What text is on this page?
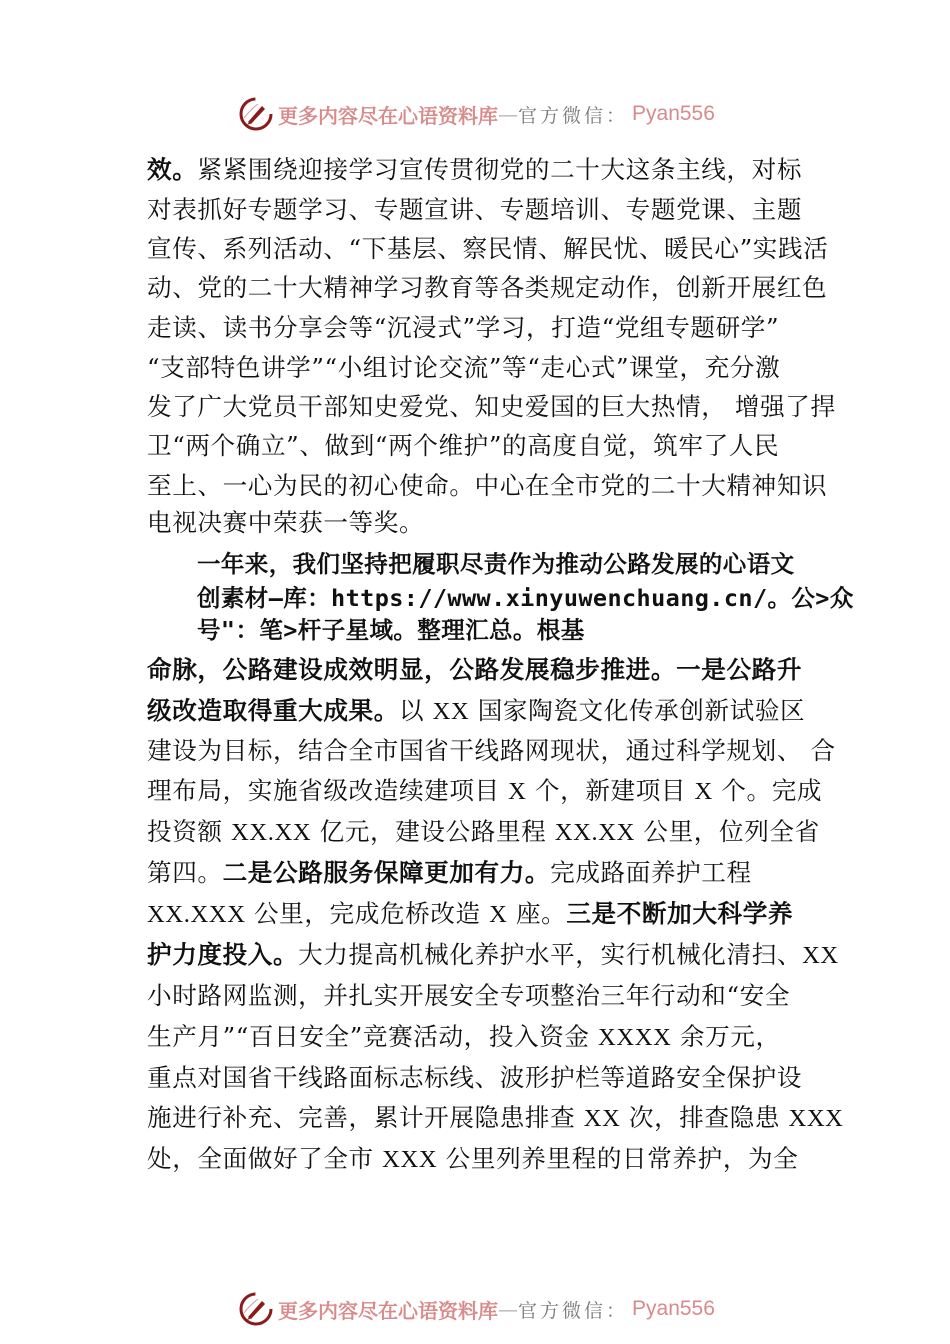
更多内容尽在心语资料库 — 官方微信： Pyan556
效。紧紧围绕迎接学习宣传贯彻党的二十大这条主线，对标
对表抓好专题学习、专题宣讲、专题培训、专题党课、主题
宣传、系列活动、“下基层、察民情、解民忧、暖民心”实践活
动、党的二十大精神学习教育等各类规定动作，创新开展红色
走读、读书分享会等“沉浸式”学习，打造“党组专题研学”
“支部特色讲学”“小组讨论交流”等“走心式”课堂，充分激
发了广大党员干部知史爱党、知史爱国的巨大热情， 增强了捍
卫“两个确立”、做到“两个维护”的高度自觉，筑牢了人民
至上、一心为民的初心使命。中心在全市党的二十大精神知识
电视决赛中荣获一等奖。
一年来，我们坚持把履职尽责作为推动公路发展的心语文
创素材—库：https://www.xinyuwenchuang.cn/。公>众
号"：笔>杆子星域。整理汇总。根基
命脉，公路建设成效明显，公路发展稳步推进。一是公路升
级改造取得重大成果。以 XX 国家陶瓷文化传承创新试验区
建设为目标，结合全市国省干线路网现状，通过科学规划、 合
理布局，实施省级改造续建项目 X 个，新建项目 X 个。完成
投资额 XX.XX 亿元，建设公路里程 XX.XX 公里，位列全省
第四。二是公路服务保障更加有力。完成路面养护工程
XX.XXX 公里，完成危桥改造 X 座。三是不断加大科学养
护力度投入。大力提高机械化养护水平，实行机械化清扫、XX
小时路网监测，并扎实开展安全专项整治三年行动和“安全
生产月”“百日安全”竞赛活动，投入资金 XXXX 余万元，
重点对国省干线路面标志标线、波形护栏等道路安全保护设
施进行补充、完善，累计开展隐患排查 XX 次，排查隐患 XXX
处，全面做好了全市 XXX 公里列养里程的日常养护，为全
更多内容尽在心语资料库 — 官方微信： Pyan556
